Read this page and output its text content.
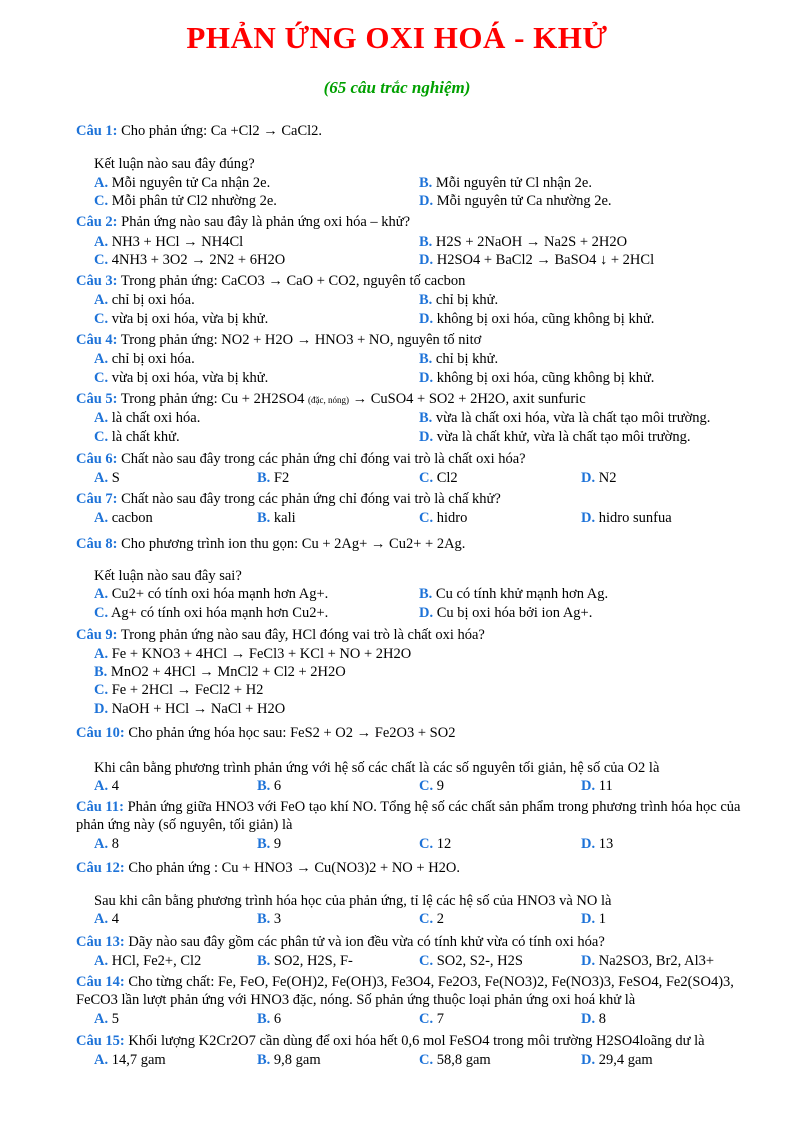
PHẢN ỨNG OXI HOÁ - KHỬ
(65 câu trắc nghiệm)
Câu 1: Cho phản ứng: Ca +Cl2 → CaCl2.
Kết luận nào sau đây đúng?
A. Mỗi nguyên tử Ca nhận 2e.	B. Mỗi nguyên tử Cl nhận 2e.
C. Mỗi phân tử Cl2 nhường 2e.	D. Mỗi nguyên tử Ca nhường 2e.
Câu 2: Phản ứng nào sau đây là phản ứng oxi hóa – khử?
A. NH3 + HCl → NH4Cl	B. H2S + 2NaOH → Na2S + 2H2O
C. 4NH3 + 3O2 → 2N2 + 6H2O	D. H2SO4 + BaCl2 → BaSO4 ↓ + 2HCl
Câu 3: Trong phản ứng: CaCO3 → CaO + CO2, nguyên tố cacbon
A. chỉ bị oxi hóa.	B. chỉ bị khử.
C. vừa bị oxi hóa, vừa bị khử.	D. không bị oxi hóa, cũng không bị khử.
Câu 4: Trong phản ứng: NO2 + H2O → HNO3 + NO, nguyên tố nitơ
A. chỉ bị oxi hóa.	B. chỉ bị khử.
C. vừa bị oxi hóa, vừa bị khử.	D. không bị oxi hóa, cũng không bị khử.
Câu 5: Trong phản ứng: Cu + 2H2SO4 (đặc, nóng) → CuSO4 + SO2 + 2H2O, axit sunfuric
A. là chất oxi hóa.	B. vừa là chất oxi hóa, vừa là chất tạo môi trường.
C. là chất khử.	D. vừa là chất khử, vừa là chất tạo môi trường.
Câu 6: Chất nào sau đây trong các phản ứng chỉ đóng vai trò là chất oxi hóa?
A. S	B. F2	C. Cl2	D. N2
Câu 7: Chất nào sau đây trong các phản ứng chỉ đóng vai trò là chấ khử?
A. cacbon	B. kali	C. hidro	D. hidro sunfua
Câu 8: Cho phương trình ion thu gọn: Cu + 2Ag+ → Cu2+ + 2Ag.
Kết luận nào sau đây sai?
A. Cu2+ có tính oxi hóa mạnh hơn Ag+.	B. Cu có tính khử mạnh hơn Ag.
C. Ag+ có tính oxi hóa mạnh hơn Cu2+.	D. Cu bị oxi hóa bởi ion Ag+.
Câu 9: Trong phản ứng nào sau đây, HCl đóng vai trò là chất oxi hóa?
A. Fe + KNO3 + 4HCl → FeCl3 + KCl + NO + 2H2O
B. MnO2 + 4HCl → MnCl2 + Cl2 + 2H2O
C. Fe + 2HCl → FeCl2 + H2
D. NaOH + HCl → NaCl + H2O
Câu 10: Cho phản ứng hóa học sau: FeS2 + O2 → Fe2O3 + SO2
Khi cân bằng phương trình phản ứng với hệ số các chất là các số nguyên tối giản, hệ số của O2 là
A. 4	B. 6	C. 9	D. 11
Câu 11: Phản ứng giữa HNO3 với FeO tạo khí NO. Tổng hệ số các chất sản phẩm trong phương trình hóa học của phản ứng này (số nguyên, tối giản) là
A. 8	B. 9	C. 12	D. 13
Câu 12: Cho phản ứng : Cu + HNO3 → Cu(NO3)2 + NO + H2O.
Sau khi cân bằng phương trình hóa học của phản ứng, tỉ lệ các hệ số của HNO3 và NO là
A. 4	B. 3	C. 2	D. 1
Câu 13: Dãy nào sau đây gồm các phân tử và ion đều vừa có tính khử vừa có tính oxi hóa?
A. HCl, Fe2+, Cl2	B. SO2, H2S, F-	C. SO2, S2-, H2S	D. Na2SO3, Br2, Al3+
Câu 14: Cho từng chất: Fe, FeO, Fe(OH)2, Fe(OH)3, Fe3O4, Fe2O3, Fe(NO3)2, Fe(NO3)3, FeSO4, Fe2(SO4)3, FeCO3 lần lượt phản ứng với HNO3 đặc, nóng. Số phản ứng thuộc loại phản ứng oxi hoá khử là
A. 5	B. 6	C. 7	D. 8
Câu 15: Khối lượng K2Cr2O7 cần dùng để oxi hóa hết 0,6 mol FeSO4 trong môi trường H2SO4loãng dư là
A. 14,7 gam	B. 9,8 gam	C. 58,8 gam	D. 29,4 gam
